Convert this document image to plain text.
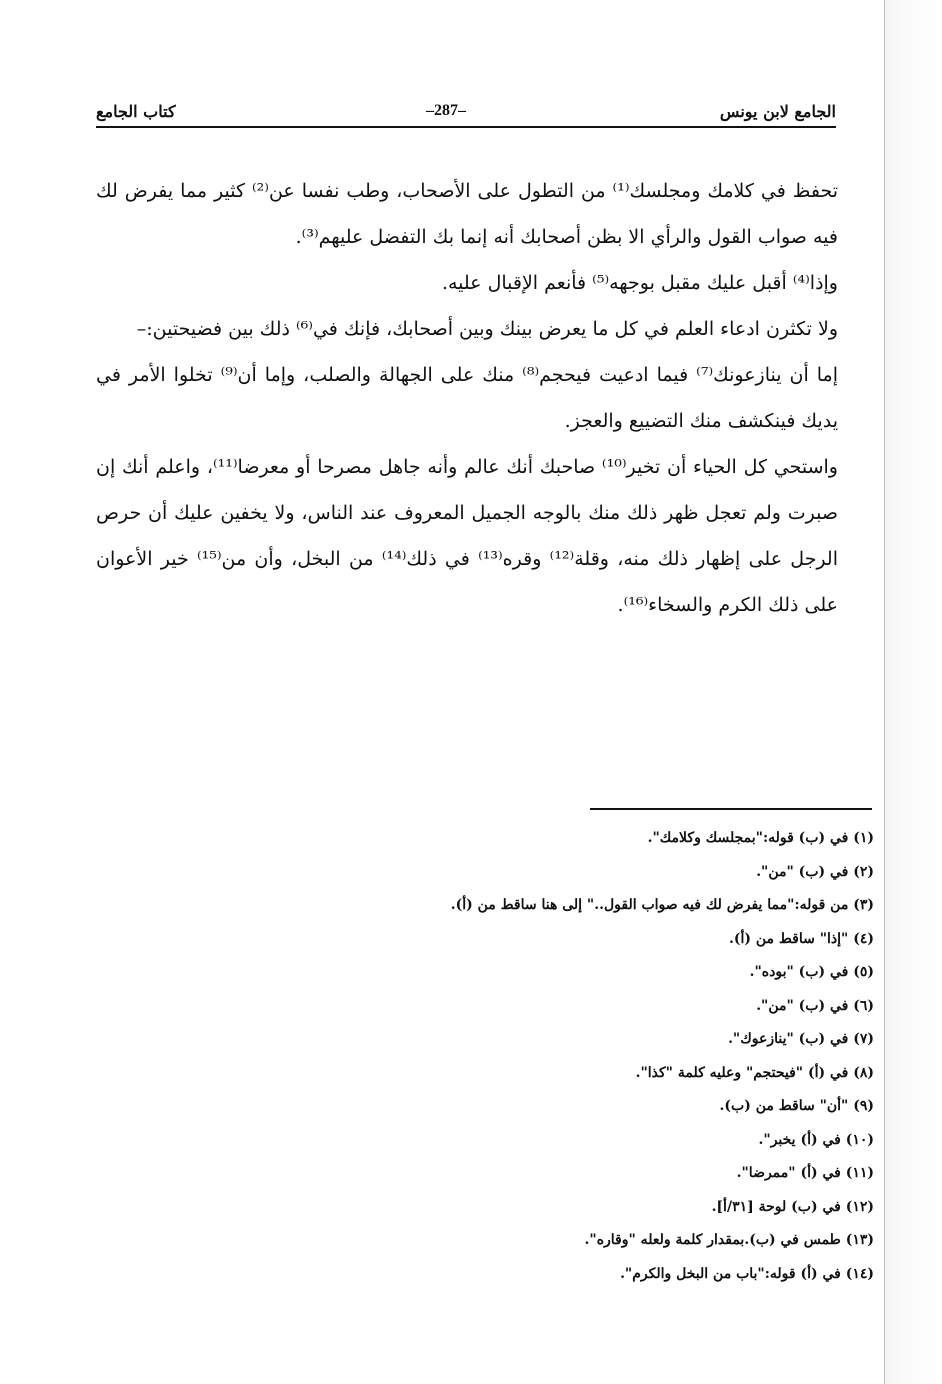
الجامع لابن يونس
–287–
كتاب الجامع

تحفظ في كلامك ومجلسك⁽¹⁾ من التطول على الأصحاب، وطب نفسا عن⁽²⁾ كثير مما يفرض لك فيه صواب القول والرأي الا بظن أصحابك أنه إنما بك التفضل عليهم⁽³⁾.

وإذا⁽⁴⁾ أقبل عليك مقبل بوجهه⁽⁵⁾ فأنعم الإقبال عليه.

ولا تكثرن ادعاء العلم في كل ما يعرض بينك وبين أصحابك، فإنك في⁽⁶⁾ ذلك بين فضيحتين:–

إما أن ينازعونك⁽⁷⁾ فيما ادعيت فيحجم⁽⁸⁾ منك على الجهالة والصلب، وإما أن⁽⁹⁾ تخلوا الأمر في يديك فينكشف منك التضييع والعجز.

واستحي كل الحياء أن تخير⁽¹⁰⁾ صاحبك أنك عالم وأنه جاهل مصرحا أو معرضا⁽¹¹⁾، واعلم أنك إن صبرت ولم تعجل ظهر ذلك منك بالوجه الجميل المعروف عند الناس، ولا يخفين عليك أن حرص الرجل على إظهار ذلك منه، وقلة⁽¹²⁾ وقره⁽¹³⁾ في ذلك⁽¹⁴⁾ من البخل، وأن من⁽¹⁵⁾ خير الأعوان على ذلك الكرم والسخاء⁽¹⁶⁾.

(١) في (ب) قوله:"بمجلسك وكلامك".
(٢) في (ب) "من".
(٣) من قوله:"مما يفرض لك فيه صواب القول.." إلى هنا ساقط من (أ).
(٤) "إذا" ساقط من (أ).
(٥) في (ب) "بوده".
(٦) في (ب) "من".
(٧) في (ب) "ينازعوك".
(٨) في (أ) "فيحتجم" وعليه كلمة "كذا".
(٩) "أن" ساقط من (ب).
(١٠) في (أ) يخبر".
(١١) في (أ) "ممرضا".
(١٢) في (ب) لوحة [٣١/أ].
(١٣) طمس في (ب).بمقدار كلمة ولعله "وقاره".
(١٤) في (أ) قوله:"باب من البخل والكرم".
